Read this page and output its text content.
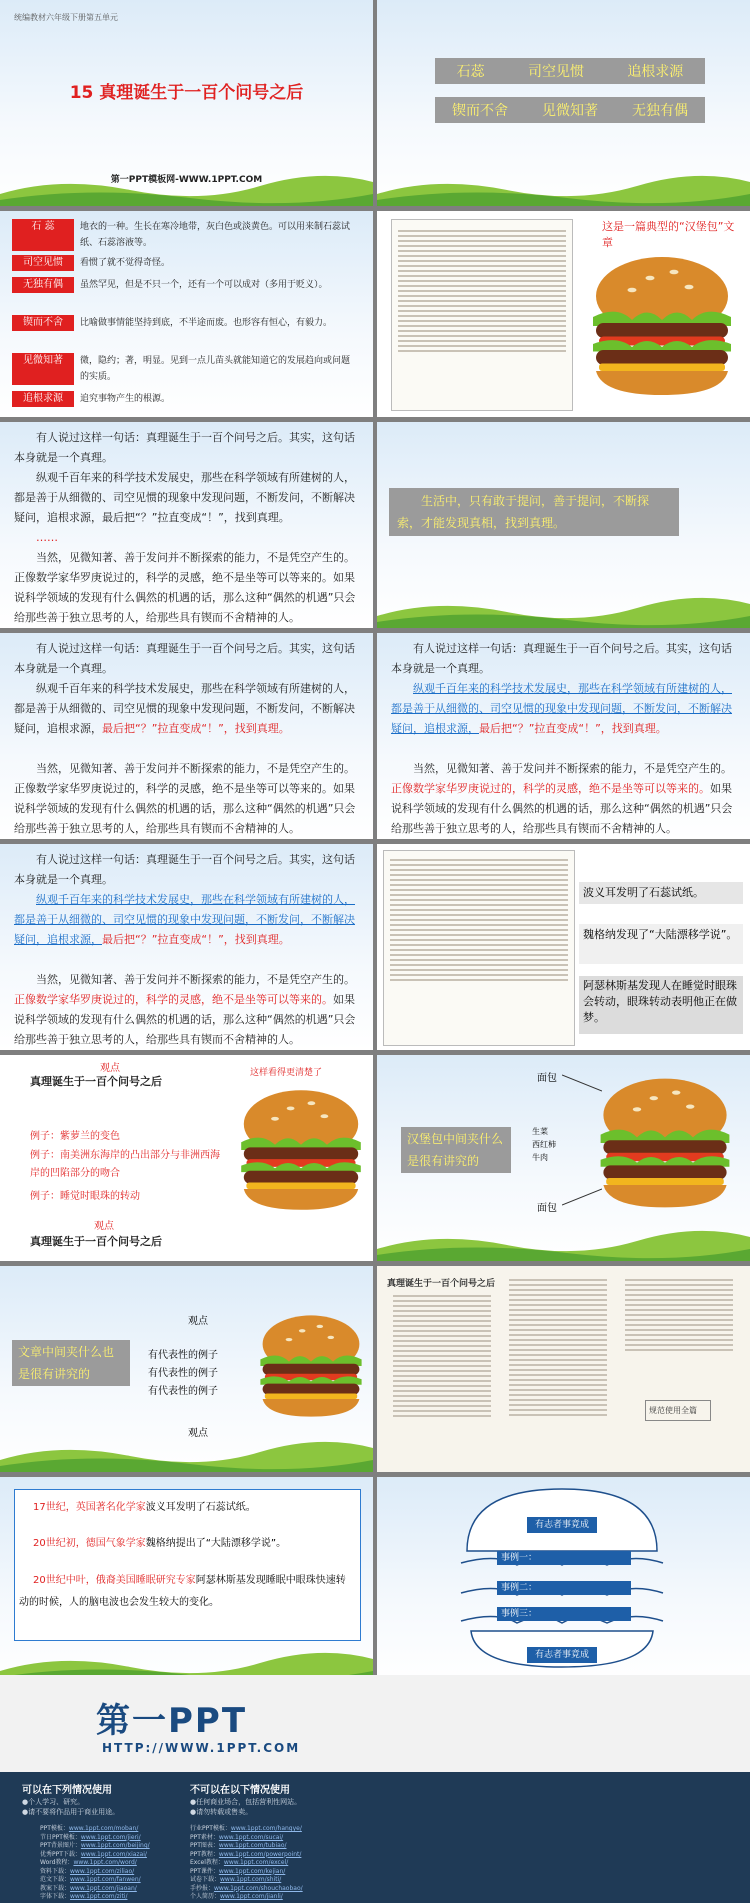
统编教材六年级下册第五单元
15 真理诞生于一百个问号之后
第一PPT模板网-WWW.1PPT.COM
石蕊	司空见惯	追根求源
锲而不舍 见微知著 无独有偶
石 蕊	地衣的一种。生长在寒冷地带，灰白色或淡黄色。可以用来制石蕊试纸、石蕊溶液等。
司空见惯	看惯了就不觉得奇怪。
无独有偶	虽然罕见，但是不只一个，还有一个可以成对（多用于贬义）。
锲而不舍	比喻做事情能坚持到底，不半途而废。也形容有恒心，有毅力。
见微知著	微，隐约；著，明显。见到一点儿苗头就能知道它的发展趋向或问题的实质。
追根求源	追究事物产生的根源。
这是一篇典型的“汉堡包”文章
有人说过这样一句话：真理诞生于一百个问号之后。其实，这句话本身就是一个真理。
纵观千百年来的科学技术发展史，那些在科学领域有所建树的人，都是善于从细微的、司空见惯的现象中发现问题，不断发问，不断解决疑问，追根求源，最后把“？”拉直变成“！”，找到真理。
……
当然，见微知著、善于发问并不断探索的能力，不是凭空产生的。正像数学家华罗庚说过的，科学的灵感，绝不是坐等可以等来的。如果说科学领域的发现有什么偶然的机遇的话，那么这种“偶然的机遇”只会给那些善于独立思考的人，给那些具有锲而不舍精神的人。
生活中，只有敢于提问，善于提问，不断探索，才能发现真相，找到真理。
有人说过这样一句话：真理诞生于一百个问号之后。其实，这句话本身就是一个真理。
纵观千百年来的科学技术发展史，那些在科学领域有所建树的人，都是善于从细微的、司空见惯的现象中发现问题，不断发问，不断解决疑问，追根求源，最后把“？”拉直变成“！”，找到真理。
当然，见微知著、善于发问并不断探索的能力，不是凭空产生的。正像数学家华罗庚说过的，科学的灵感，绝不是坐等可以等来的。如果说科学领域的发现有什么偶然的机遇的话，那么这种“偶然的机遇”只会给那些善于独立思考的人，给那些具有锲而不舍精神的人。
有人说过这样一句话：真理诞生于一百个问号之后。其实，这句话本身就是一个真理。
纵观千百年来的科学技术发展史，那些在科学领域有所建树的人，都是善于从细微的、司空见惯的现象中发现问题，不断发问，不断解决疑问，追根求源，最后把“？”拉直变成“！”，找到真理。
当然，见微知著、善于发问并不断探索的能力，不是凭空产生的。正像数学家华罗庚说过的，科学的灵感，绝不是坐等可以等来的。如果说科学领域的发现有什么偶然的机遇的话，那么这种“偶然的机遇”只会给那些善于独立思考的人，给那些具有锲而不舍精神的人。
有人说过这样一句话：真理诞生于一百个问号之后。其实，这句话本身就是一个真理。
纵观千百年来的科学技术发展史，那些在科学领域有所建树的人，都是善于从细微的、司空见惯的现象中发现问题，不断发问，不断解决疑问，追根求源，最后把“？”拉直变成“！”，找到真理。
当然，见微知著、善于发问并不断探索的能力，不是凭空产生的。正像数学家华罗庚说过的，科学的灵感，绝不是坐等可以等来的。如果说科学领域的发现有什么偶然的机遇的话，那么这种“偶然的机遇”只会给那些善于独立思考的人，给那些具有锲而不舍精神的人。
波义耳发明了石蕊试纸。
魏格纳发现了“大陆漂移学说”。
阿瑟林斯基发现人在睡觉时眼珠会转动，眼珠转动表明他正在做梦。
观点
真理诞生于一百个问号之后
这样看得更清楚了
例子：紫萝兰的变色
例子：南美洲东海岸的凸出部分与非洲西海岸的凹陷部分的吻合
例子：睡觉时眼珠的转动
观点
真理诞生于一百个问号之后
汉堡包中间夹什么是很有讲究的
面包
生菜
西红柿
牛肉
面包
文章中间夹什么也是很有讲究的
观点
有代表性的例子
有代表性的例子
有代表性的例子
观点
真理诞生于一百个问号之后
规范使用全篇
17世纪，英国著名化学家波义耳发明了石蕊试纸。
20世纪初，德国气象学家魏格纳提出了“大陆漂移学说”。
20世纪中叶，俄裔美国睡眠研究专家阿瑟林斯基发现睡眠中眼珠快速转动的时候，人的脑电波也会发生较大的变化。
有志者事竟成
事例一：
事例二：
事例三：
有志者事竟成
第一PPT
HTTP://WWW.1PPT.COM
可以在下列情况使用
●个人学习、研究。
●请不要将作品用于商业用途。
不可以在以下情况使用
●任何商业场合，包括营利性网站。
●请勿转载或售卖。
PPT模板：www.1ppt.com/moban/
节日PPT模板：www.1ppt.com/jieri/
PPT背景图片：www.1ppt.com/beijing/
优秀PPT下载：www.1ppt.com/xiazai/
Word教程：www.1ppt.com/word/
资料下载：www.1ppt.com/ziliao/
范文下载：www.1ppt.com/fanwen/
教案下载：www.1ppt.com/jiaoan/
字体下载：www.1ppt.com/ziti/
行业PPT模板：www.1ppt.com/hangye/
PPT素材：www.1ppt.com/sucai/
PPT图表：www.1ppt.com/tubiao/
PPT教程：www.1ppt.com/powerpoint/
Excel教程：www.1ppt.com/excel/
PPT课件：www.1ppt.com/kejian/
试卷下载：www.1ppt.com/shiti/
手抄报：www.1ppt.com/shouchaobao/
个人简历：www.1ppt.com/jianli/
